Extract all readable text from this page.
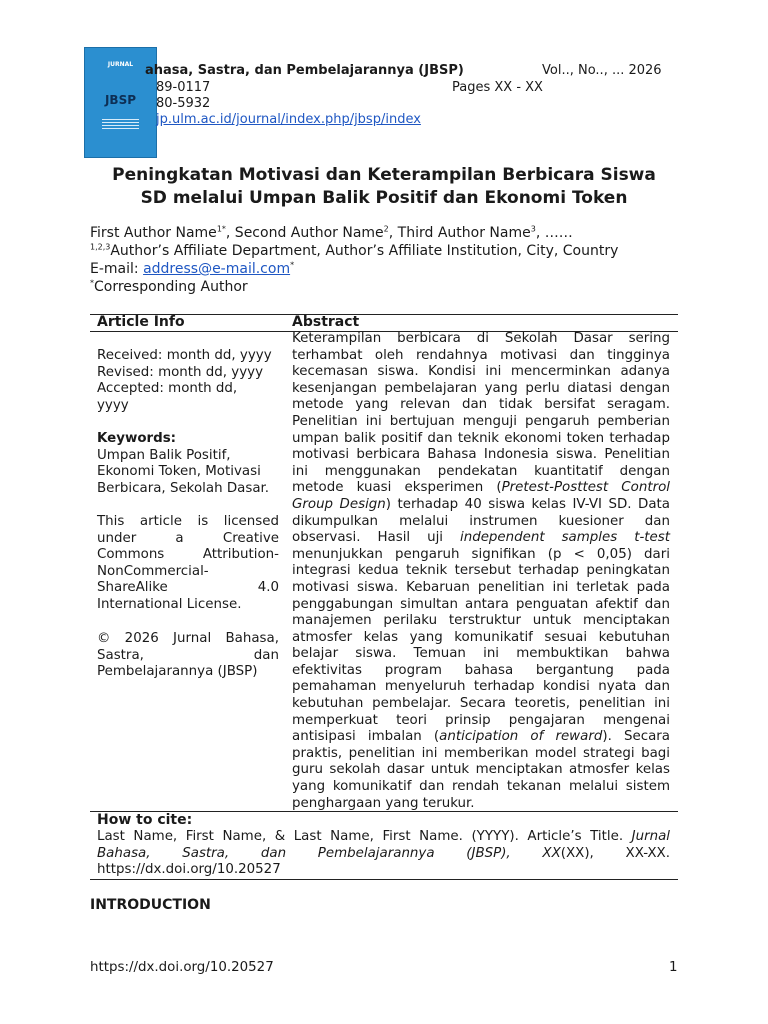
JURNAL
JBSP
ahasa, Sastra, dan Pembelajarannya (JBSP)	Vol.., No.., ... 2026
89-0117	Pages XX - XX
80-5932
jp.ulm.ac.id/journal/index.php/jbsp/index
Peningkatan Motivasi dan Keterampilan Berbicara Siswa
SD melalui Umpan Balik Positif dan Ekonomi Token
First Author Name$^{1*}$, Second Author Name$^2$, Third Author Name$^3$, ……
$^{1,2,3}$Author’s Affiliate Department, Author’s Affiliate Institution, City, Country
E-mail: address@e-mail.com*
*Corresponding Author
Article Info	Abstract
Received: month dd, yyyy
Revised: month dd, yyyy
Accepted: month dd,
yyyy
Keywords:
Umpan Balik Positif,
Ekonomi Token, Motivasi
Berbicara, Sekolah Dasar.
This article is licensed under a Creative Commons Attribution-NonCommercial-ShareAlike 4.0 International License.
© 2026 Jurnal Bahasa, Sastra, dan Pembelajarannya (JBSP)

Keterampilan berbicara di Sekolah Dasar sering terhambat oleh rendahnya motivasi dan tingginya kecemasan siswa. Kondisi ini mencerminkan adanya kesenjangan pembelajaran yang perlu diatasi dengan metode yang relevan dan tidak bersifat seragam. Penelitian ini bertujuan menguji pengaruh pemberian umpan balik positif dan teknik ekonomi token terhadap motivasi berbicara Bahasa Indonesia siswa. Penelitian ini menggunakan pendekatan kuantitatif dengan metode kuasi eksperimen (Pretest-Posttest Control Group Design) terhadap 40 siswa kelas IV-VI SD. Data dikumpulkan melalui instrumen kuesioner dan observasi. Hasil uji independent samples t-test menunjukkan pengaruh signifikan (p < 0,05) dari integrasi kedua teknik tersebut terhadap peningkatan motivasi siswa. Kebaruan penelitian ini terletak pada penggabungan simultan antara penguatan afektif dan manajemen perilaku terstruktur untuk menciptakan atmosfer kelas yang komunikatif sesuai kebutuhan belajar siswa. Temuan ini membuktikan bahwa efektivitas program bahasa bergantung pada pemahaman menyeluruh terhadap kondisi nyata dan kebutuhan pembelajar. Secara teoretis, penelitian ini memperkuat teori prinsip pengajaran mengenai antisipasi imbalan (anticipation of reward). Secara praktis, penelitian ini memberikan model strategi bagi guru sekolah dasar untuk menciptakan atmosfer kelas yang komunikatif dan rendah tekanan melalui sistem penghargaan yang terukur.

How to cite:
Last Name, First Name, & Last Name, First Name. (YYYY). Article’s Title. Jurnal Bahasa, Sastra, dan Pembelajarannya (JBSP), XX(XX), XX-XX. https://dx.doi.org/10.20527
INTRODUCTION
https://dx.doi.org/10.20527	1
